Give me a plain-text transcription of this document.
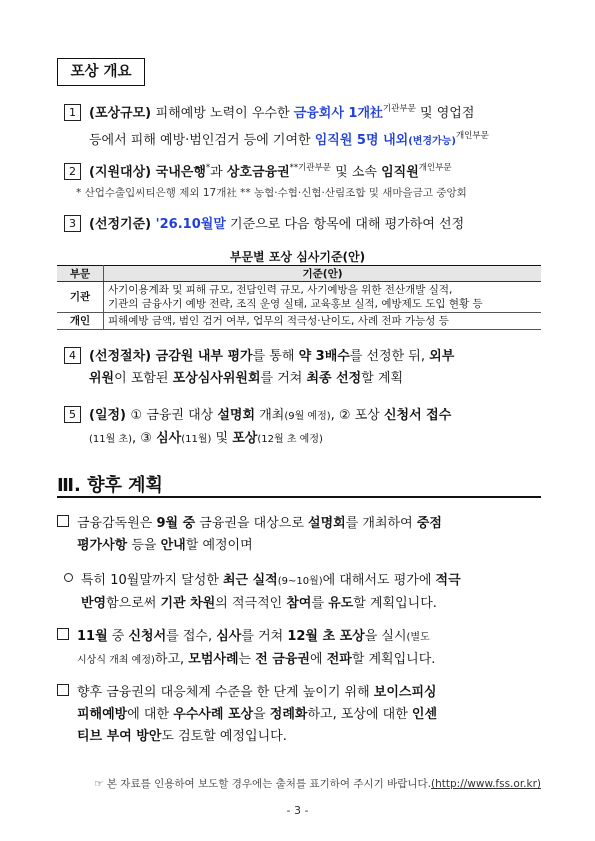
포상 개요
1 (포상규모) 피해예방 노력이 우수한 금융회사 1개社$^{기관부문}$ 및 영업점
등에서 피해 예방·범인검거 등에 기여한 임직원 5명 내외(변경가능)$^{개인부문}$
2 (지원대상) 국내은행*과 상호금융권$^{**기관부문}$ 및 소속 임직원$^{개인부문}$
* 산업수출입씨티은행 제외 17개社 ** 농협·수협·신협·산림조합 및 새마을금고 중앙회
3 (선정기준) '26.10월말 기준으로 다음 항목에 대해 평가하여 선정
부문별 포상 심사기준(안)
부문	기준(안)
기관	사기이용계좌 및 피해 규모, 전담인력 규모, 사기예방을 위한 전산개발 실적,
기관의 금융사기 예방 전략, 조직 운영 실태, 교육홍보 실적, 예방제도 도입 현황 등

개인	피해예방 금액, 범인 검거 여부, 업무의 적극성·난이도, 사례 전파 가능성 등
4 (선정절차) 금감원 내부 평가를 통해 약 3배수를 선정한 뒤, 외부
위원이 포함된 포상심사위원회를 거쳐 최종 선정할 계획
5 (일정) ① 금융권 대상 설명회 개최(9월 예정), ② 포상 신청서 접수
(11월 초), ③ 심사(11월) 및 포상(12월 초 예정)
Ⅲ. 향후 계획
금융감독원은 9월 중 금융권을 대상으로 설명회를 개최하여 중점
평가사항 등을 안내할 예정이며
특히 10월말까지 달성한 최근 실적(9~10월)에 대해서도 평가에 적극
반영함으로써 기관 차원의 적극적인 참여를 유도할 계획입니다.
11월 중 신청서를 접수, 심사를 거쳐 12월 초 포상을 실시(별도
시상식 개최 예정)하고, 모범사례는 전 금융권에 전파할 계획입니다.
향후 금융권의 대응체계 수준을 한 단계 높이기 위해 보이스피싱
피해예방에 대한 우수사례 포상을 정례화하고, 포상에 대한 인센
티브 부여 방안도 검토할 예정입니다.
☞ 본 자료를 인용하여 보도할 경우에는 출처를 표기하여 주시기 바랍니다.(http://www.fss.or.kr)
- 3 -
